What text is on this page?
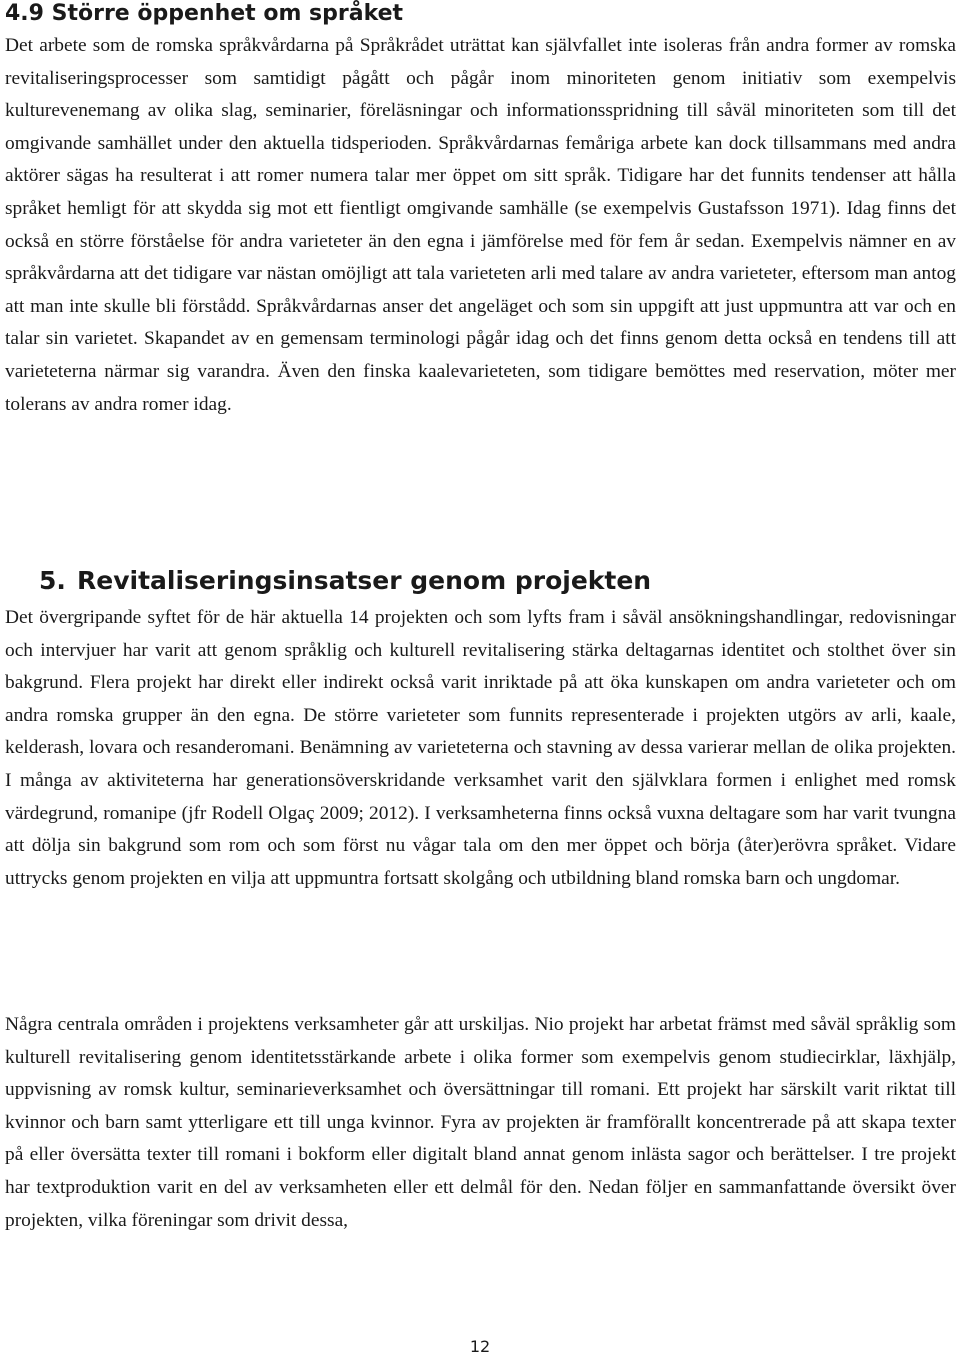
4.9 Större öppenhet om språket

Det arbete som de romska språkvårdarna på Språkrådet uträttat kan självfallet inte isoleras från andra former av romska revitaliseringsprocesser som samtidigt pågått och pågår inom minoriteten genom initiativ som exempelvis kulturevenemang av olika slag, seminarier, föreläsningar och informationsspridning till såväl minoriteten som till det omgivande samhället under den aktuella tidsperioden. Språkvårdarnas femåriga arbete kan dock tillsammans med andra aktörer sägas ha resulterat i att romer numera talar mer öppet om sitt språk. Tidigare har det funnits tendenser att hålla språket hemligt för att skydda sig mot ett fientligt omgivande samhälle (se exempelvis Gustafsson 1971). Idag finns det också en större förståelse för andra varieteter än den egna i jämförelse med för fem år sedan. Exempelvis nämner en av språkvårdarna att det tidigare var nästan omöjligt att tala varieteten arli med talare av andra varieteter, eftersom man antog att man inte skulle bli förstådd. Språkvårdarnas anser det angeläget och som sin uppgift att just uppmuntra att var och en talar sin varietet. Skapandet av en gemensam terminologi pågår idag och det finns genom detta också en tendens till att varieteterna närmar sig varandra. Även den finska kaalevarieteten, som tidigare bemöttes med reservation, möter mer tolerans av andra romer idag.

5. Revitaliseringsinsatser genom projekten

Det övergripande syftet för de här aktuella 14 projekten och som lyfts fram i såväl ansökningshandlingar, redovisningar och intervjuer har varit att genom språklig och kulturell revitalisering stärka deltagarnas identitet och stolthet över sin bakgrund. Flera projekt har direkt eller indirekt också varit inriktade på att öka kunskapen om andra varieteter och om andra romska grupper än den egna. De större varieteter som funnits representerade i projekten utgörs av arli, kaale, kelderash, lovara och resanderomani. Benämning av varieteterna och stavning av dessa varierar mellan de olika projekten. I många av aktiviteterna har generationsöverskridande verksamhet varit den självklara formen i enlighet med romsk värdegrund, romanipe (jfr Rodell Olgaç 2009; 2012). I verksamheterna finns också vuxna deltagare som har varit tvungna att dölja sin bakgrund som rom och som först nu vågar tala om den mer öppet och börja (åter)erövra språket. Vidare uttrycks genom projekten en vilja att uppmuntra fortsatt skolgång och utbildning bland romska barn och ungdomar.

Några centrala områden i projektens verksamheter går att urskiljas. Nio projekt har arbetat främst med såväl språklig som kulturell revitalisering genom identitetsstärkande arbete i olika former som exempelvis genom studiecirklar, läxhjälp, uppvisning av romsk kultur, seminarieverksamhet och översättningar till romani. Ett projekt har särskilt varit riktat till kvinnor och barn samt ytterligare ett till unga kvinnor. Fyra av projekten är framförallt koncentrerade på att skapa texter på eller översätta texter till romani i bokform eller digitalt bland annat genom inlästa sagor och berättelser. I tre projekt har textproduktion varit en del av verksamheten eller ett delmål för den. Nedan följer en sammanfattande översikt över projekten, vilka föreningar som drivit dessa,

12
